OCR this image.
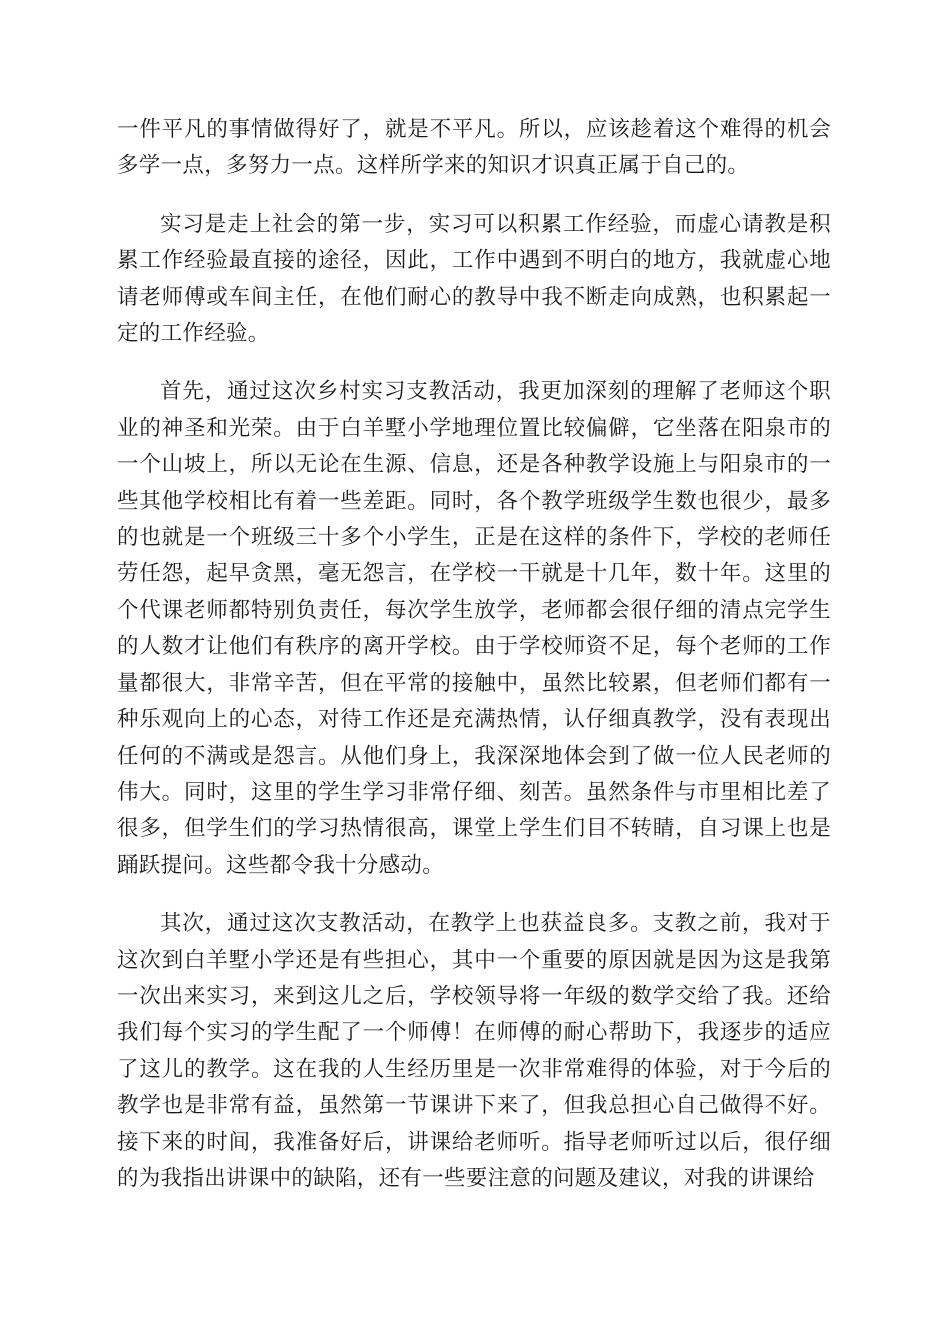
一件平凡的事情做得好了，就是不平凡。所以，应该趁着这个难得的机会多学一点，多努力一点。这样所学来的知识才识真正属于自己的。

实习是走上社会的第一步，实习可以积累工作经验，而虚心请教是积累工作经验最直接的途径，因此，工作中遇到不明白的地方，我就虚心地请老师傅或车间主任，在他们耐心的教导中我不断走向成熟，也积累起一定的工作经验。

首先，通过这次乡村实习支教活动，我更加深刻的理解了老师这个职业的神圣和光荣。由于白羊墅小学地理位置比较偏僻，它坐落在阳泉市的一个山坡上，所以无论在生源、信息，还是各种教学设施上与阳泉市的一些其他学校相比有着一些差距。同时，各个教学班级学生数也很少，最多的也就是一个班级三十多个小学生，正是在这样的条件下，学校的老师任劳任怨，起早贪黑，毫无怨言，在学校一干就是十几年，数十年。这里的个代课老师都特别负责任，每次学生放学，老师都会很仔细的清点完学生的人数才让他们有秩序的离开学校。由于学校师资不足，每个老师的工作量都很大，非常辛苦，但在平常的接触中，虽然比较累，但老师们都有一种乐观向上的心态，对待工作还是充满热情，认仔细真教学，没有表现出任何的不满或是怨言。从他们身上，我深深地体会到了做一位人民老师的伟大。同时，这里的学生学习非常仔细、刻苦。虽然条件与市里相比差了很多，但学生们的学习热情很高，课堂上学生们目不转睛，自习课上也是踊跃提问。这些都令我十分感动。

其次，通过这次支教活动，在教学上也获益良多。支教之前，我对于这次到白羊墅小学还是有些担心，其中一个重要的原因就是因为这是我第一次出来实习，来到这儿之后，学校领导将一年级的数学交给了我。还给我们每个实习的学生配了一个师傅！在师傅的耐心帮助下，我逐步的适应了这儿的教学。这在我的人生经历里是一次非常难得的体验，对于今后的教学也是非常有益，虽然第一节课讲下来了，但我总担心自己做得不好。接下来的时间，我准备好后，讲课给老师听。指导老师听过以后，很仔细的为我指出讲课中的缺陷，还有一些要注意的问题及建议，对我的讲课给
